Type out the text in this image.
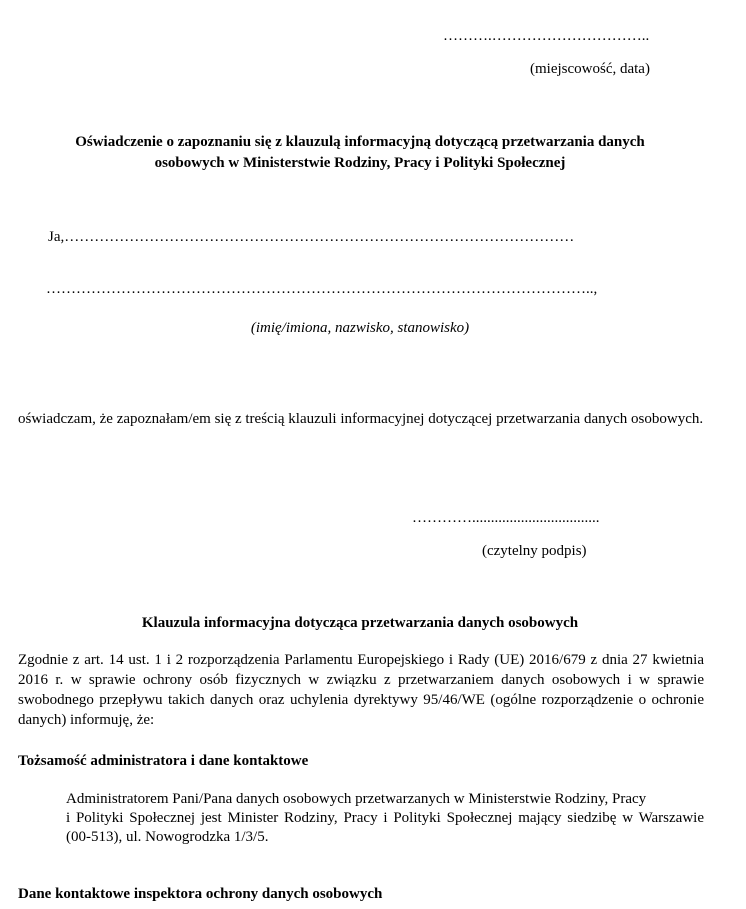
……….…………………………..
(miejscowość, data)
Oświadczenie o zapoznaniu się z klauzulą informacyjną dotyczącą przetwarzania danych
osobowych w Ministerstwie Rodziny, Pracy i Polityki Społecznej
Ja,…………………………………………………………………………………………
………………………………………………………………………………………………..,
(imię/imiona, nazwisko, stanowisko)
oświadczam, że zapoznałam/em się z treścią klauzuli informacyjnej dotyczącej przetwarzania danych osobowych.
…………..................................
(czytelny podpis)
Klauzula informacyjna dotycząca przetwarzania danych osobowych
Zgodnie z art. 14 ust. 1 i 2 rozporządzenia Parlamentu Europejskiego i Rady (UE) 2016/679 z dnia 27 kwietnia 2016 r. w sprawie ochrony osób fizycznych w związku z przetwarzaniem danych osobowych i w sprawie swobodnego przepływu takich danych oraz uchylenia dyrektywy 95/46/WE (ogólne rozporządzenie o ochronie danych) informuję, że:
Tożsamość administratora i dane kontaktowe
Administratorem Pani/Pana danych osobowych przetwarzanych w Ministerstwie Rodziny, Pracy
i Polityki Społecznej jest Minister Rodziny, Pracy i Polityki Społecznej mający siedzibę w Warszawie (00-513), ul. Nowogrodzka 1/3/5.
Dane kontaktowe inspektora ochrony danych osobowych
